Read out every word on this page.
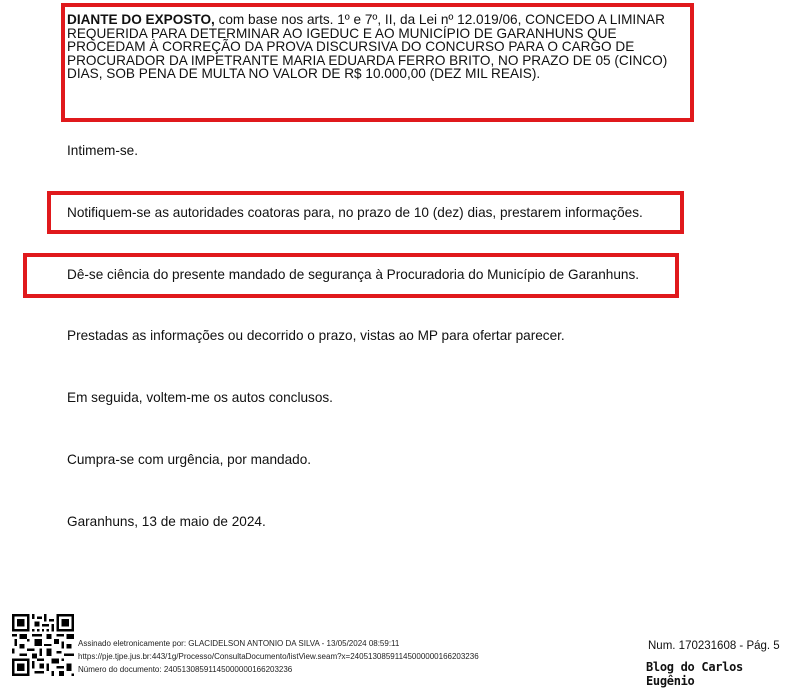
DIANTE DO EXPOSTO, com base nos arts. 1º e 7º, II, da Lei nº 12.019/06, CONCEDO A LIMINAR REQUERIDA PARA DETERMINAR AO IGEDUC E AO MUNICÍPIO DE GARANHUNS QUE PROCEDAM À CORREÇÃO DA PROVA DISCURSIVA DO CONCURSO PARA O CARGO DE PROCURADOR DA IMPETRANTE MARIA EDUARDA FERRO BRITO, NO PRAZO DE 05 (CINCO) DIAS, SOB PENA DE MULTA NO VALOR DE R$ 10.000,00 (DEZ MIL REAIS).

Intimem-se.

Notifiquem-se as autoridades coatoras para, no prazo de 10 (dez) dias, prestarem informações.

Dê-se ciência do presente mandado de segurança à Procuradoria do Município de Garanhuns.

Prestadas as informações ou decorrido o prazo, vistas ao MP para ofertar parecer.

Em seguida, voltem-me os autos conclusos.

Cumpra-se com urgência, por mandado.

Garanhuns, 13 de maio de 2024.

Assinado eletronicamente por: GLACIDELSON ANTONIO DA SILVA - 13/05/2024 08:59:11
https://pje.tjpe.jus.br:443/1g/Processo/ConsultaDocumento/listView.seam?x=24051308591145000000166203236
Número do documento: 24051308591145000000166203236
Num. 170231608 - Pág. 5
Blog do Carlos Eugênio
